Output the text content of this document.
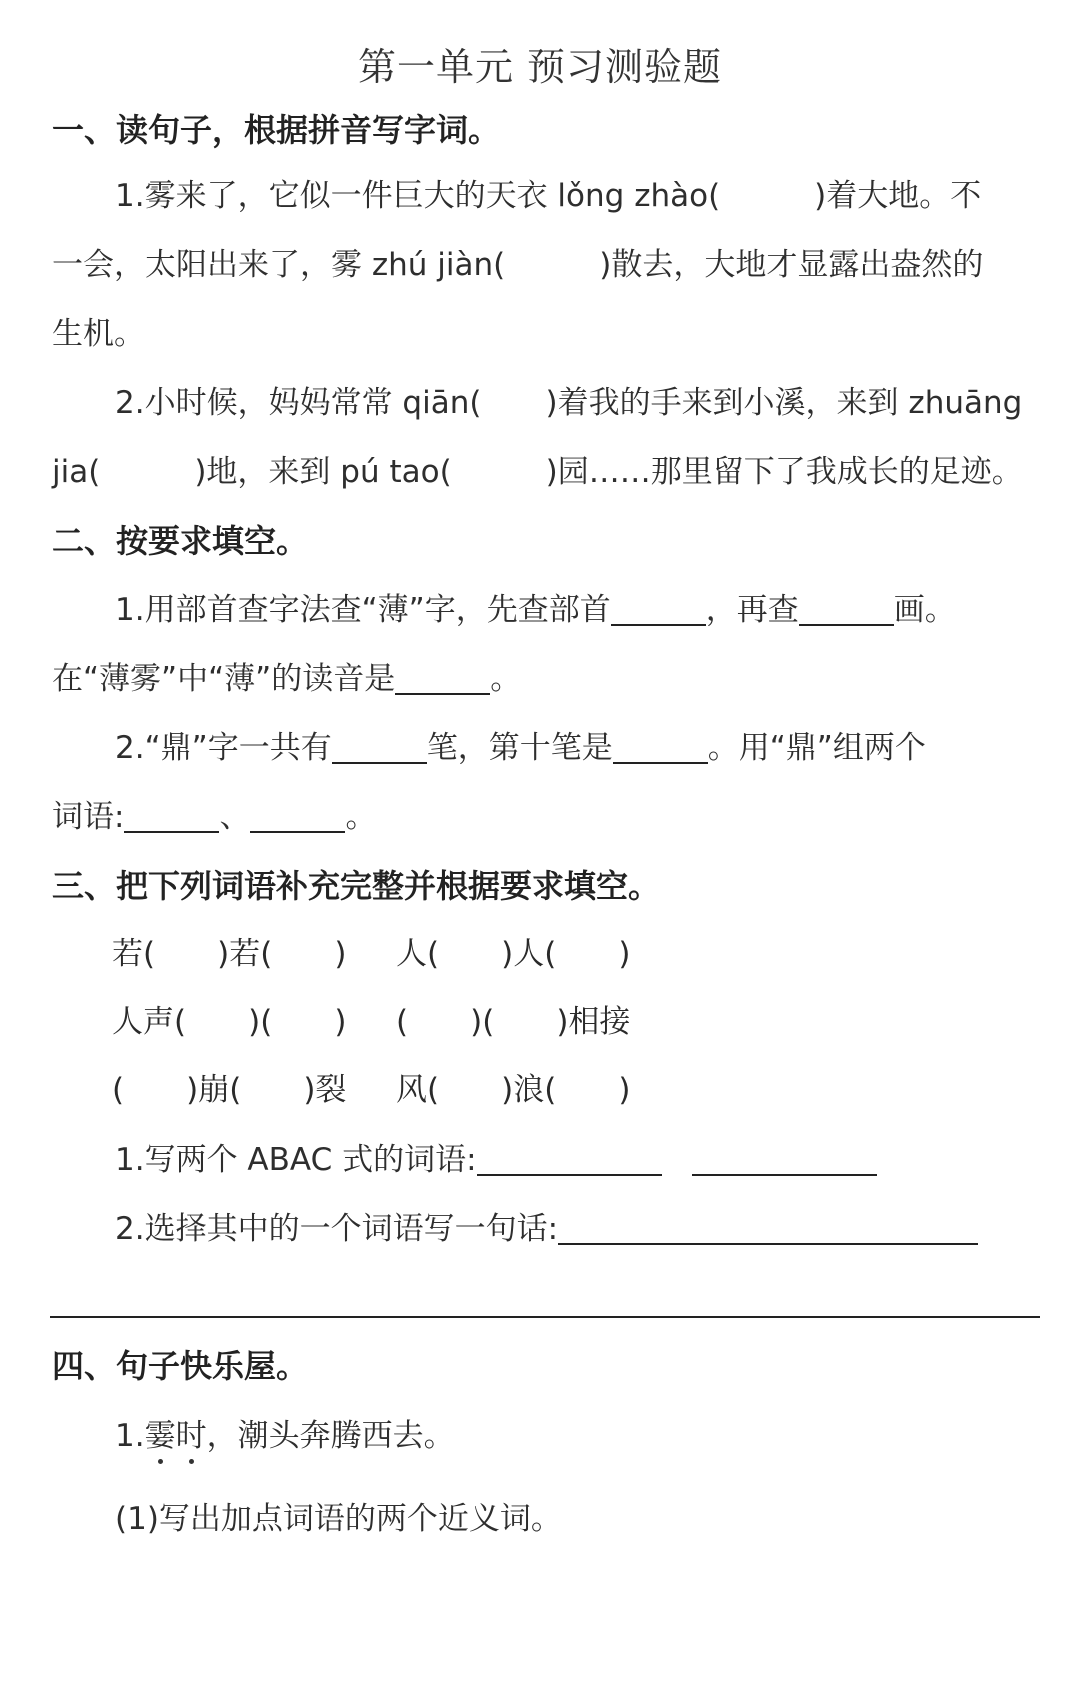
第一单元 预习测验题
一、读句子，根据拼音写字词。
1.雾来了，它似一件巨大的天衣 lǒng zhào(	)着大地。不
一会，太阳出来了，雾 zhú jiàn(	)散去，大地才显露出盎然的
生机。
2.小时候，妈妈常常 qiān( )着我的手来到小溪，来到 zhuāng
jia(	)地，来到 pú tao(	)园……那里留下了我成长的足迹。
二、按要求填空。
1.用部首查字法查“薄”字，先查部首	，再查	画。
在“薄雾”中“薄”的读音是	。
2.“鼎”字一共有	笔，第十笔是	。用“鼎”组两个
词语:	、	。
三、把下列词语补充完整并根据要求填空。
若( )若( ) 人( )人( )
人声( )( ) ( )( )相接
( )崩( )裂 风( )浪( )
1.写两个 ABAC 式的词语:
2.选择其中的一个词语写一句话:
四、句子快乐屋。
1.霎时，潮头奔腾西去。
(1)写出加点词语的两个近义词。
